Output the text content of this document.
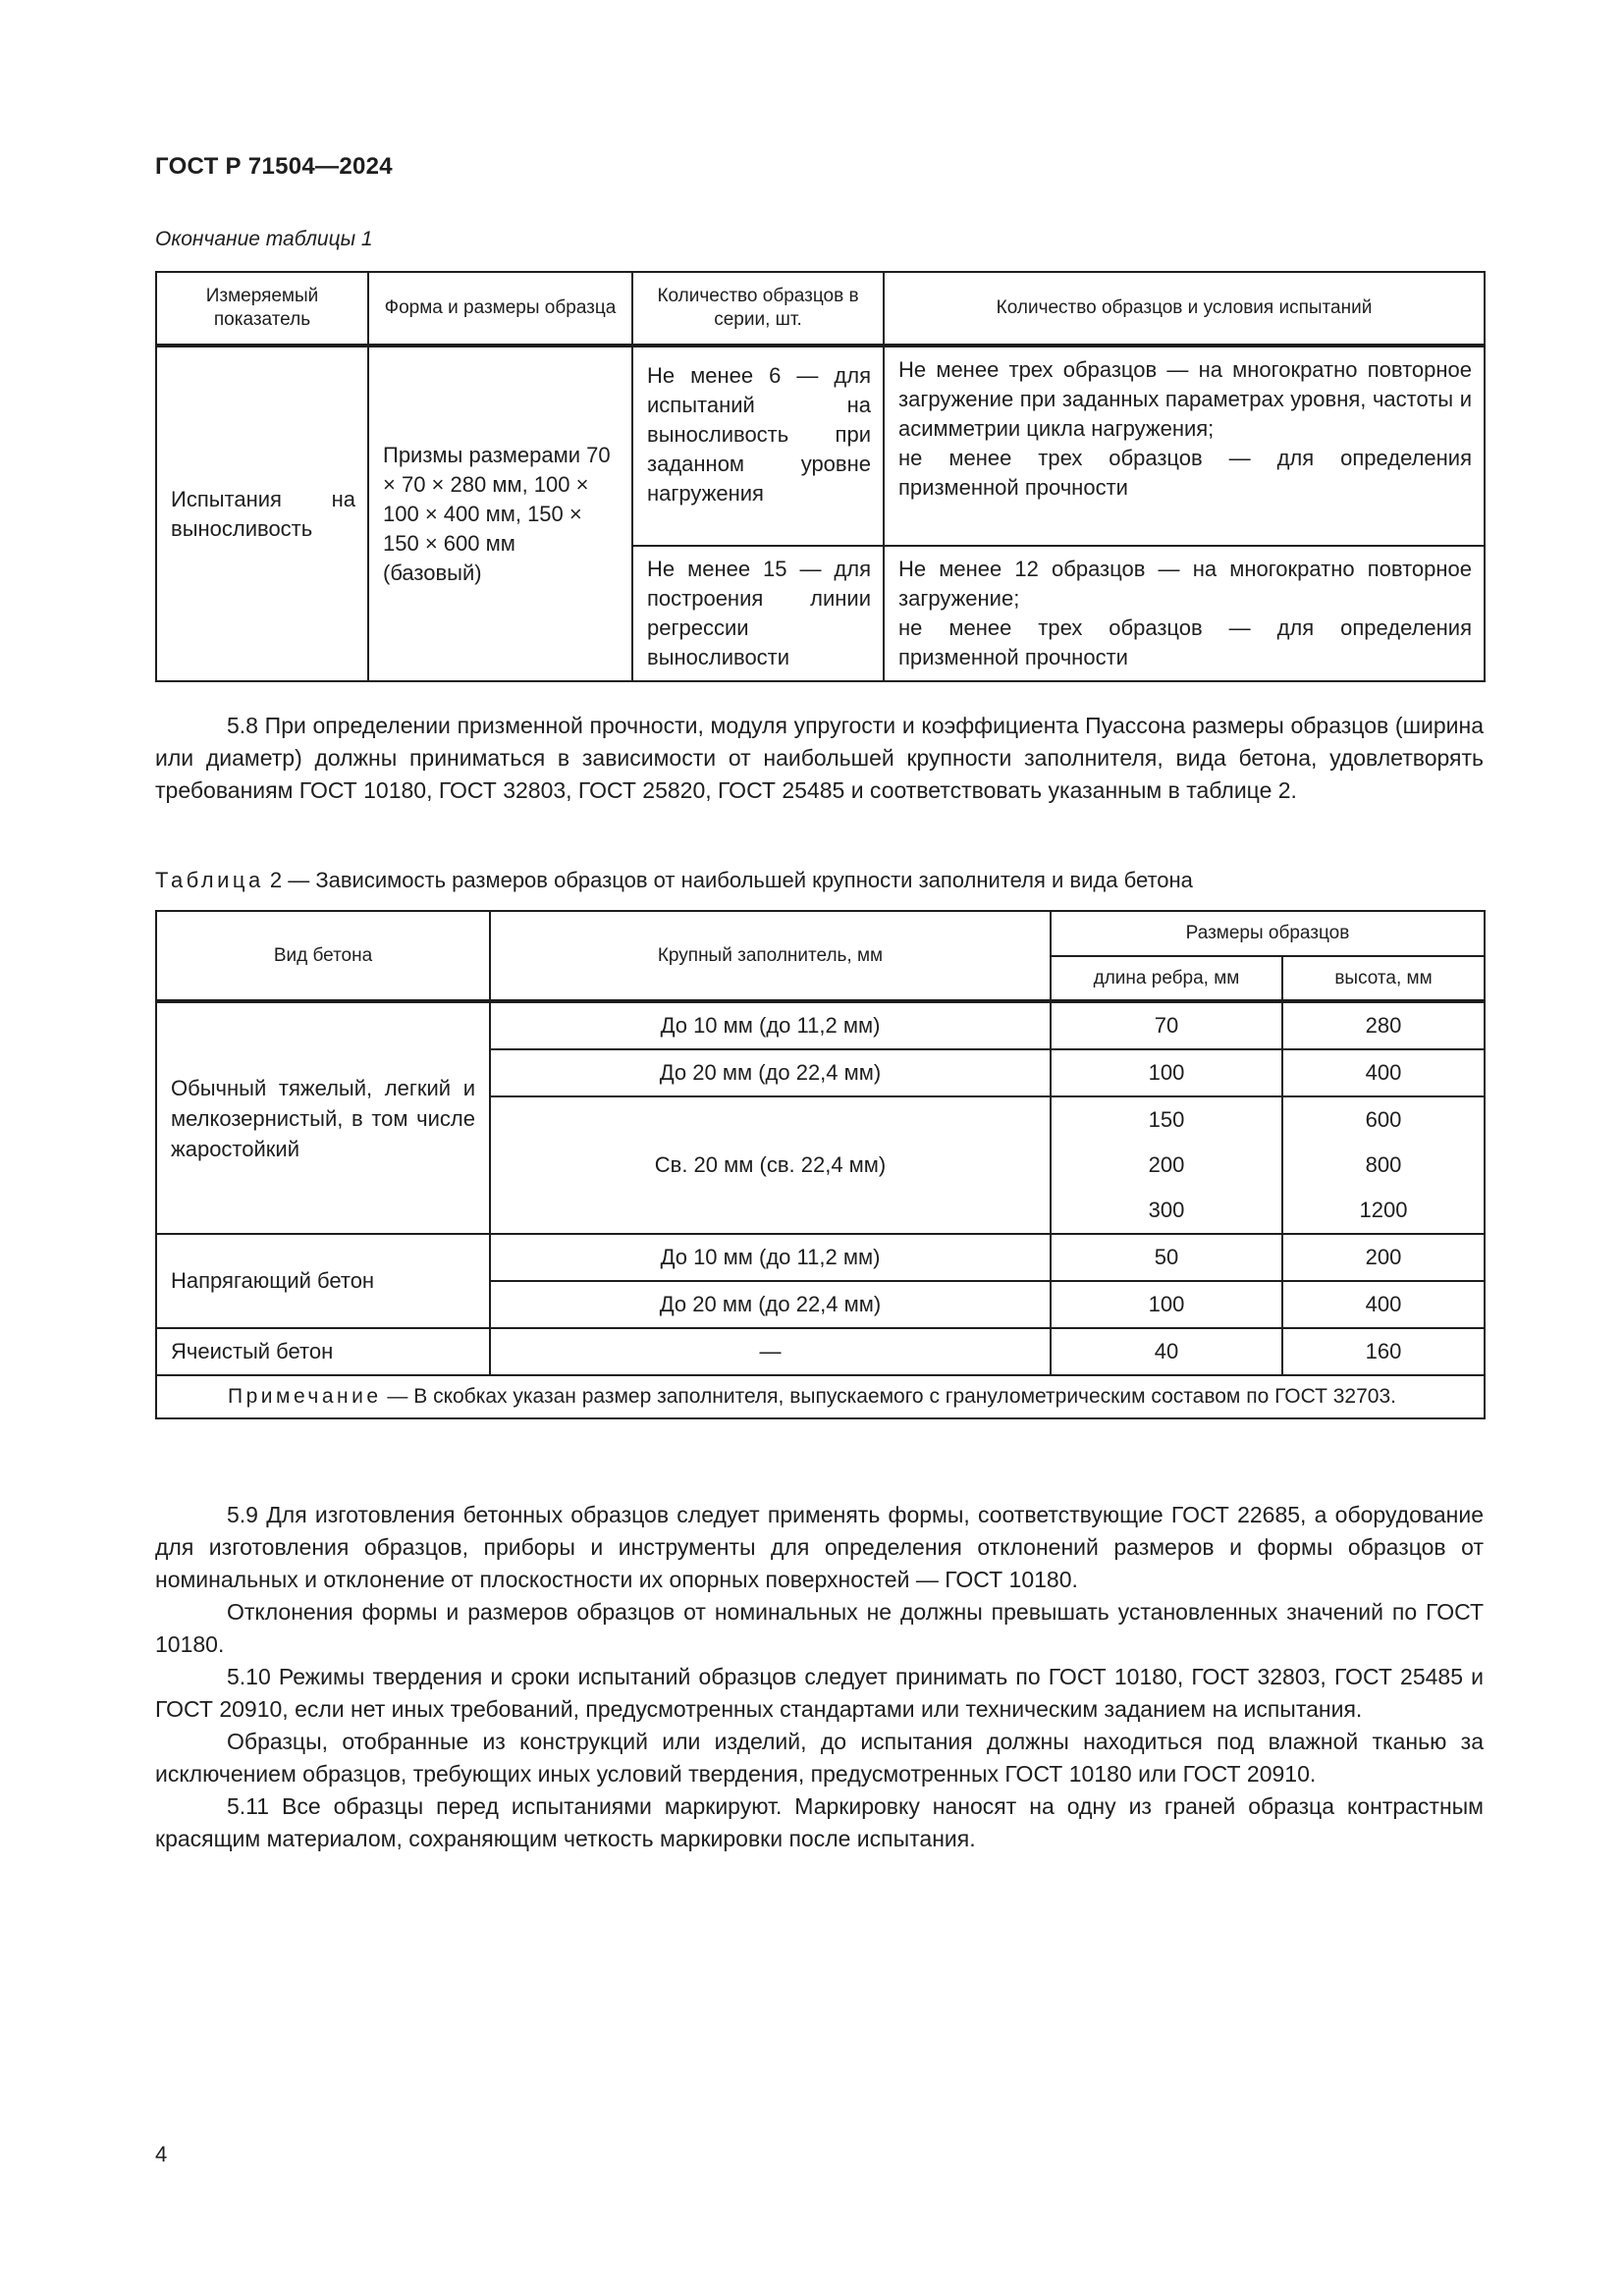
ГОСТ Р 71504—2024
Окончание таблицы 1
Измеряемый показатель	Форма и размеры образца	Количество образцов в серии, шт.	Количество образцов и условия испытаний
Испытания на выносливость	Призмы размерами 70 × 70 × 280 мм, 100 × 100 × 400 мм, 150 × 150 × 600 мм (базовый)	Не менее 6 — для испытаний на выносливость при заданном уровне нагружения	Не менее трех образцов — на многократно повторное загружение при заданных параметрах уровня, частоты и асимметрии цикла нагружения;
не менее трех образцов — для определения призменной прочности

		Не менее 15 — для построения линии регрессии выносливости	Не менее 12 образцов — на многократно повторное загружение;
не менее трех образцов — для определения призменной прочности

5.8 При определении призменной прочности, модуля упругости и коэффициента Пуассона размеры образцов (ширина или диаметр) должны приниматься в зависимости от наибольшей крупности заполнителя, вида бетона, удовлетворять требованиям ГОСТ 10180, ГОСТ 32803, ГОСТ 25820, ГОСТ 25485 и соответствовать указанным в таблице 2.

Таблица 2 — Зависимость размеров образцов от наибольшей крупности заполнителя и вида бетона
Вид бетона	Крупный заполнитель, мм	Размеры образцов	
		длина ребра, мм	высота, мм
Обычный тяжелый, легкий и мелкозернистый, в том числе жаростойкий	До 10 мм (до 11,2 мм)	70	280
	До 20 мм (до 22,4 мм)	100	400
	Св. 20 мм (св. 22,4 мм)	150	600
		200	800
		300	1200
Напрягающий бетон	До 10 мм (до 11,2 мм)	50	200
	До 20 мм (до 22,4 мм)	100	400
Ячеистый бетон	—	40	160
Примечание — В скобках указан размер заполнителя, выпускаемого с гранулометрическим составом по ГОСТ 32703.			

5.9 Для изготовления бетонных образцов следует применять формы, соответствующие ГОСТ 22685, а оборудование для изготовления образцов, приборы и инструменты для определения отклонений размеров и формы образцов от номинальных и отклонение от плоскостности их опорных поверхностей — ГОСТ 10180.

Отклонения формы и размеров образцов от номинальных не должны превышать установленных значений по ГОСТ 10180.

5.10 Режимы твердения и сроки испытаний образцов следует принимать по ГОСТ 10180, ГОСТ 32803, ГОСТ 25485 и ГОСТ 20910, если нет иных требований, предусмотренных стандартами или техническим заданием на испытания.

Образцы, отобранные из конструкций или изделий, до испытания должны находиться под влажной тканью за исключением образцов, требующих иных условий твердения, предусмотренных ГОСТ 10180 или ГОСТ 20910.

5.11 Все образцы перед испытаниями маркируют. Маркировку наносят на одну из граней образца контрастным красящим материалом, сохраняющим четкость маркировки после испытания.

4
